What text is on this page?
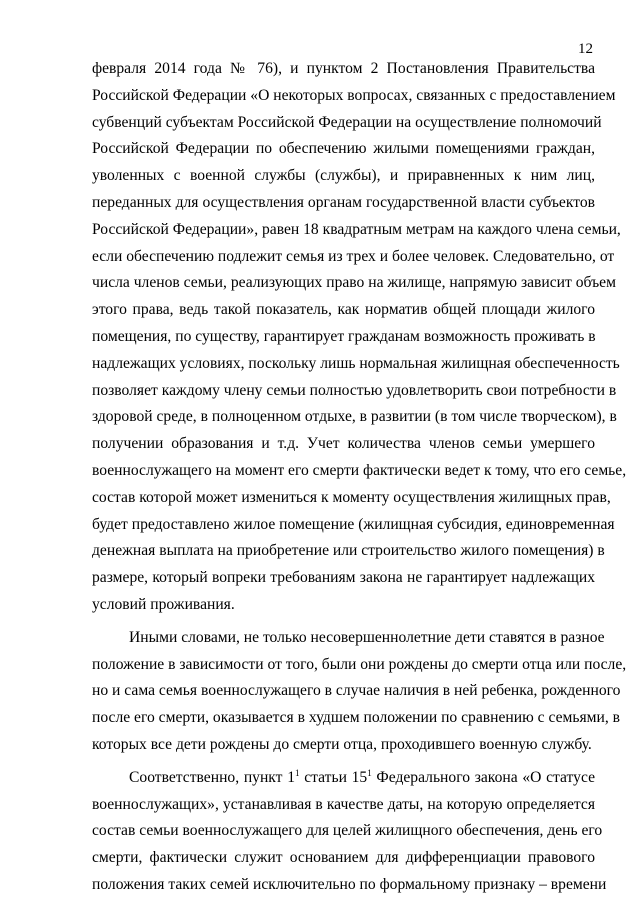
12
февраля 2014 года № 76), и пунктом 2 Постановления Правительства
Российской Федерации «О некоторых вопросах, связанных с предоставлением
субвенций субъектам Российской Федерации на осуществление полномочий
Российской Федерации по обеспечению жилыми помещениями граждан,
уволенных с военной службы (службы), и приравненных к ним лиц,
переданных для осуществления органам государственной власти субъектов
Российской Федерации», равен 18 квадратным метрам на каждого члена семьи,
если обеспечению подлежит семья из трех и более человек. Следовательно, от
числа членов семьи, реализующих право на жилище, напрямую зависит объем
этого права, ведь такой показатель, как норматив общей площади жилого
помещения, по существу, гарантирует гражданам возможность проживать в
надлежащих условиях, поскольку лишь нормальная жилищная обеспеченность
позволяет каждому члену семьи полностью удовлетворить свои потребности в
здоровой среде, в полноценном отдыхе, в развитии (в том числе творческом), в
получении образования и т.д. Учет количества членов семьи умершего
военнослужащего на момент его смерти фактически ведет к тому, что его семье,
состав которой может измениться к моменту осуществления жилищных прав,
будет предоставлено жилое помещение (жилищная субсидия, единовременная
денежная выплата на приобретение или строительство жилого помещения) в
размере, который вопреки требованиям закона не гарантирует надлежащих
условий проживания.
Иными словами, не только несовершеннолетние дети ставятся в разное
положение в зависимости от того, были они рождены до смерти отца или после,
но и сама семья военнослужащего в случае наличия в ней ребенка, рожденного
после его смерти, оказывается в худшем положении по сравнению с семьями, в
которых все дети рождены до смерти отца, проходившего военную службу.
Соответственно, пункт $1^1$ статьи $15^1$ Федерального закона «О статусе
военнослужащих», устанавливая в качестве даты, на которую определяется
состав семьи военнослужащего для целей жилищного обеспечения, день его
смерти, фактически служит основанием для дифференциации правового
положения таких семей исключительно по формальному признаку – времени
